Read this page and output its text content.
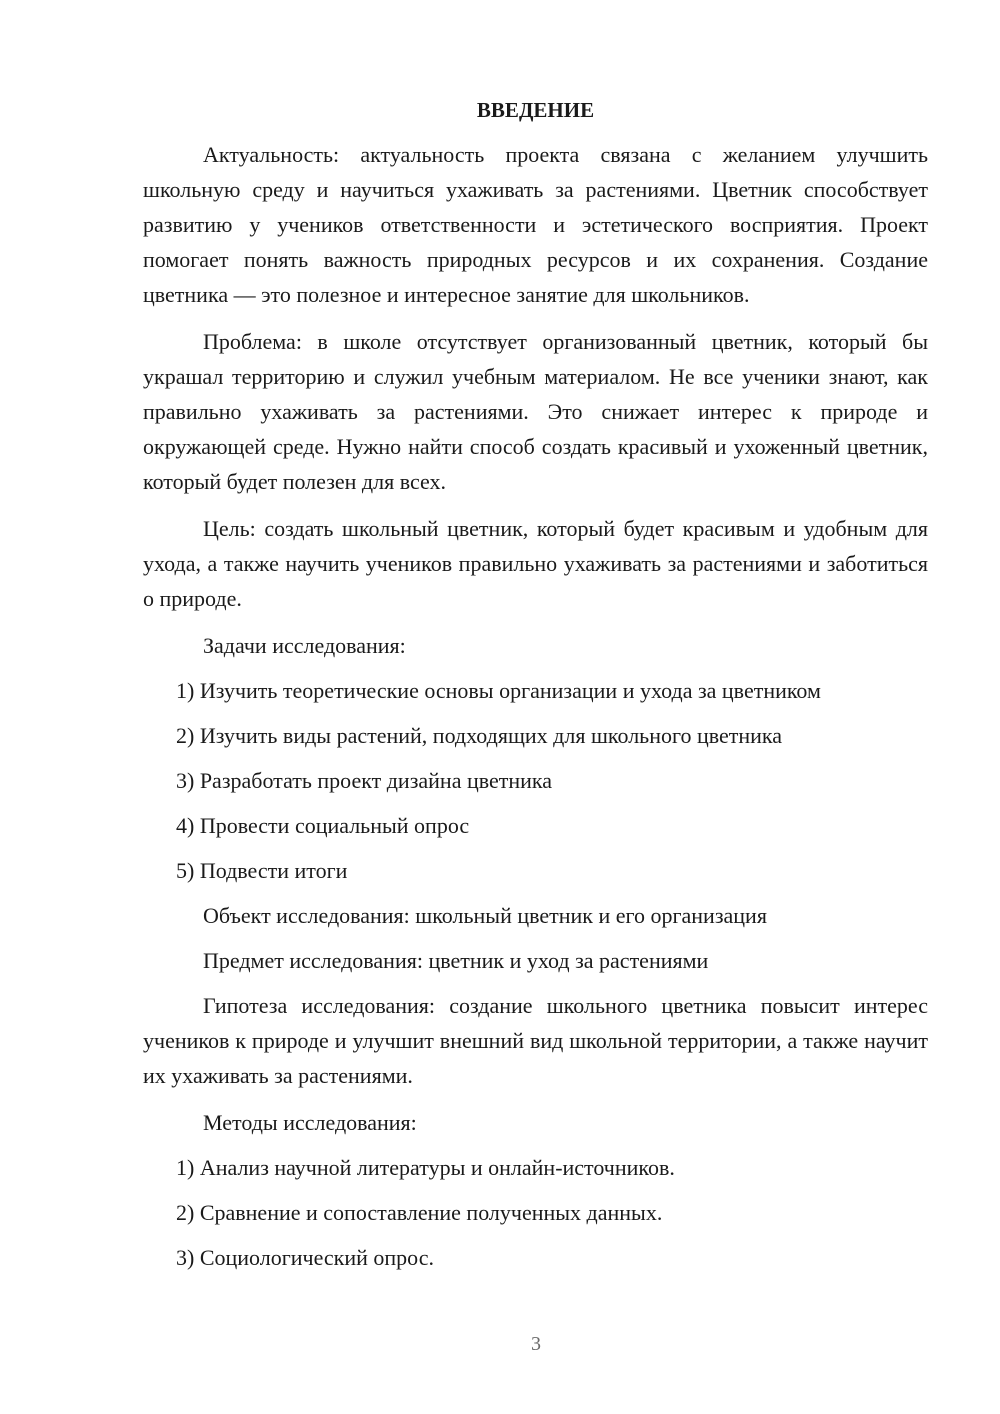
ВВЕДЕНИЕ

Актуальность: актуальность проекта связана с желанием улучшить школьную среду и научиться ухаживать за растениями. Цветник способствует развитию у учеников ответственности и эстетического восприятия. Проект помогает понять важность природных ресурсов и их сохранения. Создание цветника — это полезное и интересное занятие для школьников.

Проблема: в школе отсутствует организованный цветник, который бы украшал территорию и служил учебным материалом. Не все ученики знают, как правильно ухаживать за растениями. Это снижает интерес к природе и окружающей среде. Нужно найти способ создать красивый и ухоженный цветник, который будет полезен для всех.

Цель: создать школьный цветник, который будет красивым и удобным для ухода, а также научить учеников правильно ухаживать за растениями и заботиться о природе.

Задачи исследования:

1) Изучить теоретические основы организации и ухода за цветником

2) Изучить виды растений, подходящих для школьного цветника

3) Разработать проект дизайна цветника

4) Провести социальный опрос

5) Подвести итоги

Объект исследования: школьный цветник и его организация

Предмет исследования: цветник и уход за растениями

Гипотеза исследования: создание школьного цветника повысит интерес учеников к природе и улучшит внешний вид школьной территории, а также научит их ухаживать за растениями.

Методы исследования:

1) Анализ научной литературы и онлайн-источников.

2) Сравнение и сопоставление полученных данных.

3) Социологический опрос.

3
